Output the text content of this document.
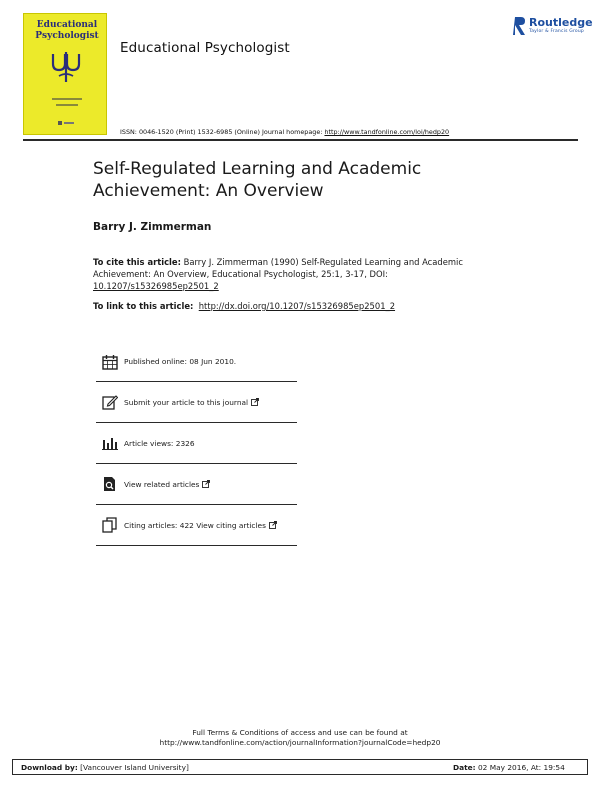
Educational
Psychologist
Educational Psychologist
Routledge
Taylor & Francis Group
ISSN: 0046-1520 (Print) 1532-6985 (Online) Journal homepage: http://www.tandfonline.com/loi/hedp20
Self-Regulated Learning and Academic Achievement: An Overview
Barry J. Zimmerman
To cite this article: Barry J. Zimmerman (1990) Self-Regulated Learning and Academic Achievement: An Overview, Educational Psychologist, 25:1, 3-17, DOI: 10.1207/s15326985ep2501_2
To link to this article: http://dx.doi.org/10.1207/s15326985ep2501_2
Published online: 08 Jun 2010.
Submit your article to this journal
Article views: 2326
View related articles
Citing articles: 422 View citing articles
Full Terms & Conditions of access and use can be found at
http://www.tandfonline.com/action/journalInformation?journalCode=hedp20
Download by: [Vancouver Island University]	Date: 02 May 2016, At: 19:54
